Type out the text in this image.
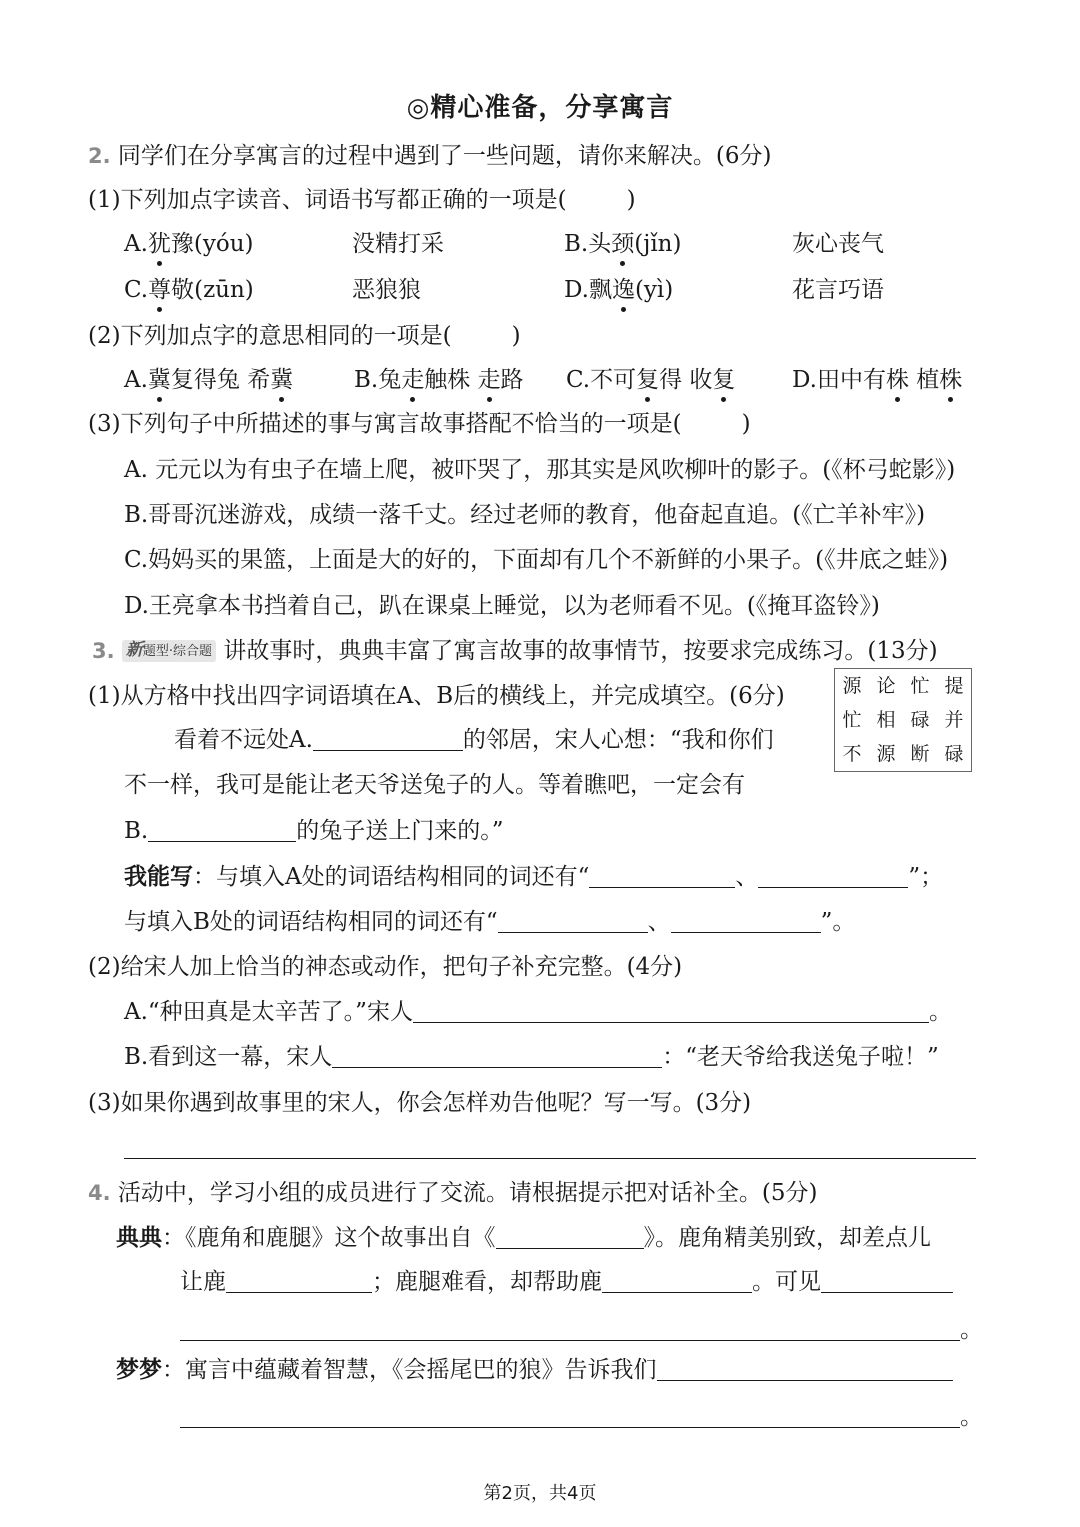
◎精心准备，分享寓言
2. 同学们在分享寓言的过程中遇到了一些问题，请你来解决。(6分)
(1)下列加点字读音、词语书写都正确的一项是(	)
A.犹豫(yóu)	没精打采	B.头颈(jǐn)	灰心丧气
C.尊敬(zūn)	恶狼狼	D.飘逸(yì)	花言巧语
(2)下列加点字的意思相同的一项是(	)
A.冀复得兔 希冀	B.兔走触株 走路 C.不可复得 收复 D.田中有株 植株
(3)下列句子中所描述的事与寓言故事搭配不恰当的一项是(	)
A. 元元以为有虫子在墙上爬，被吓哭了，那其实是风吹柳叶的影子。(《杯弓蛇影》)
B.哥哥沉迷游戏，成绩一落千丈。经过老师的教育，他奋起直追。(《亡羊补牢》)
C.妈妈买的果篮，上面是大的好的，下面却有几个不新鲜的小果子。(《井底之蛙》)
D.王亮拿本书挡着自己，趴在课桌上睡觉，以为老师看不见。(《掩耳盗铃》)
3. 新题型·综合题 讲故事时，典典丰富了寓言故事的故事情节，按要求完成练习。(13分)
(1)从方格中找出四字词语填在A、B后的横线上，并完成填空。(6分)	源	论	忙	提
忙	相	碌	并
不	源	断	碌
看着不远处A.	的邻居，宋人心想：“我和你们
不一样，我可是能让老天爷送兔子的人。等着瞧吧，一定会有
B.	的兔子送上门来的。”
我能写：与填入A处的词语结构相同的词还有“	、	”；
与填入B处的词语结构相同的词还有“	、	”。
(2)给宋人加上恰当的神态或动作，把句子补充完整。(4分)
A.“种田真是太辛苦了。”宋人	。
B.看到这一幕，宋人	：“老天爷给我送兔子啦！”
(3)如果你遇到故事里的宋人，你会怎样劝告他呢？写一写。(3分)
4. 活动中，学习小组的成员进行了交流。请根据提示把对话补全。(5分)
典典：《鹿角和鹿腿》这个故事出自《	》。鹿角精美别致，却差点儿
让鹿	；鹿腿难看，却帮助鹿	。可见
。
梦梦：寓言中蕴藏着智慧，《会摇尾巴的狼》告诉我们
。
第2页，共4页
